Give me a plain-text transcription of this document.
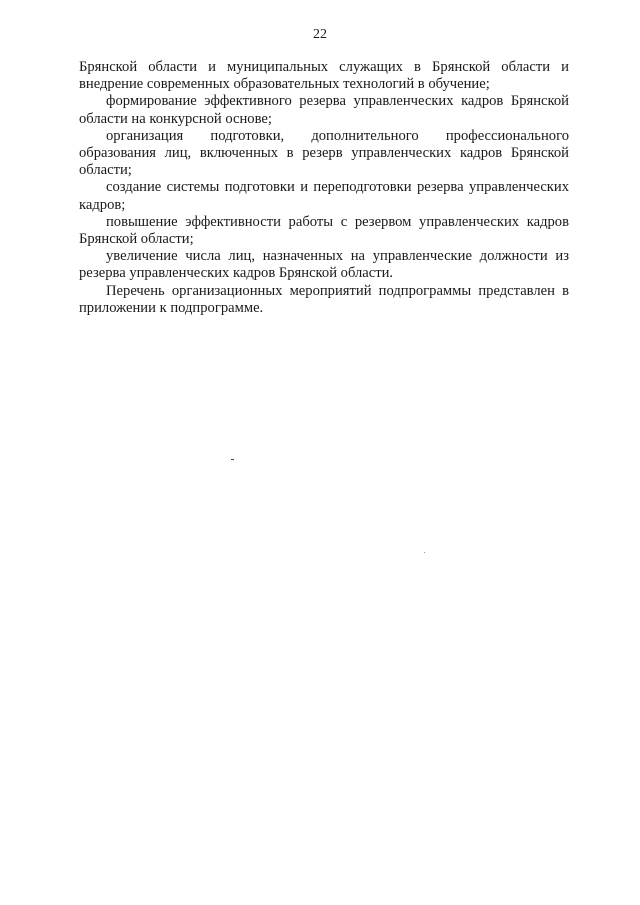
22

Брянской области и муниципальных служащих в Брянской области и внедрение современных образовательных технологий в обучение;

формирование эффективного резерва управленческих кадров Брянской области на конкурсной основе;

организация подготовки, дополнительного профессионального образования лиц, включенных в резерв управленческих кадров Брянской области;

создание системы подготовки и переподготовки резерва управленческих кадров;

повышение эффективности работы с резервом управленческих кадров Брянской области;

увеличение числа лиц, назначенных на управленческие должности из резерва управленческих кадров Брянской области.

Перечень организационных мероприятий подпрограммы представлен в приложении к подпрограмме.
